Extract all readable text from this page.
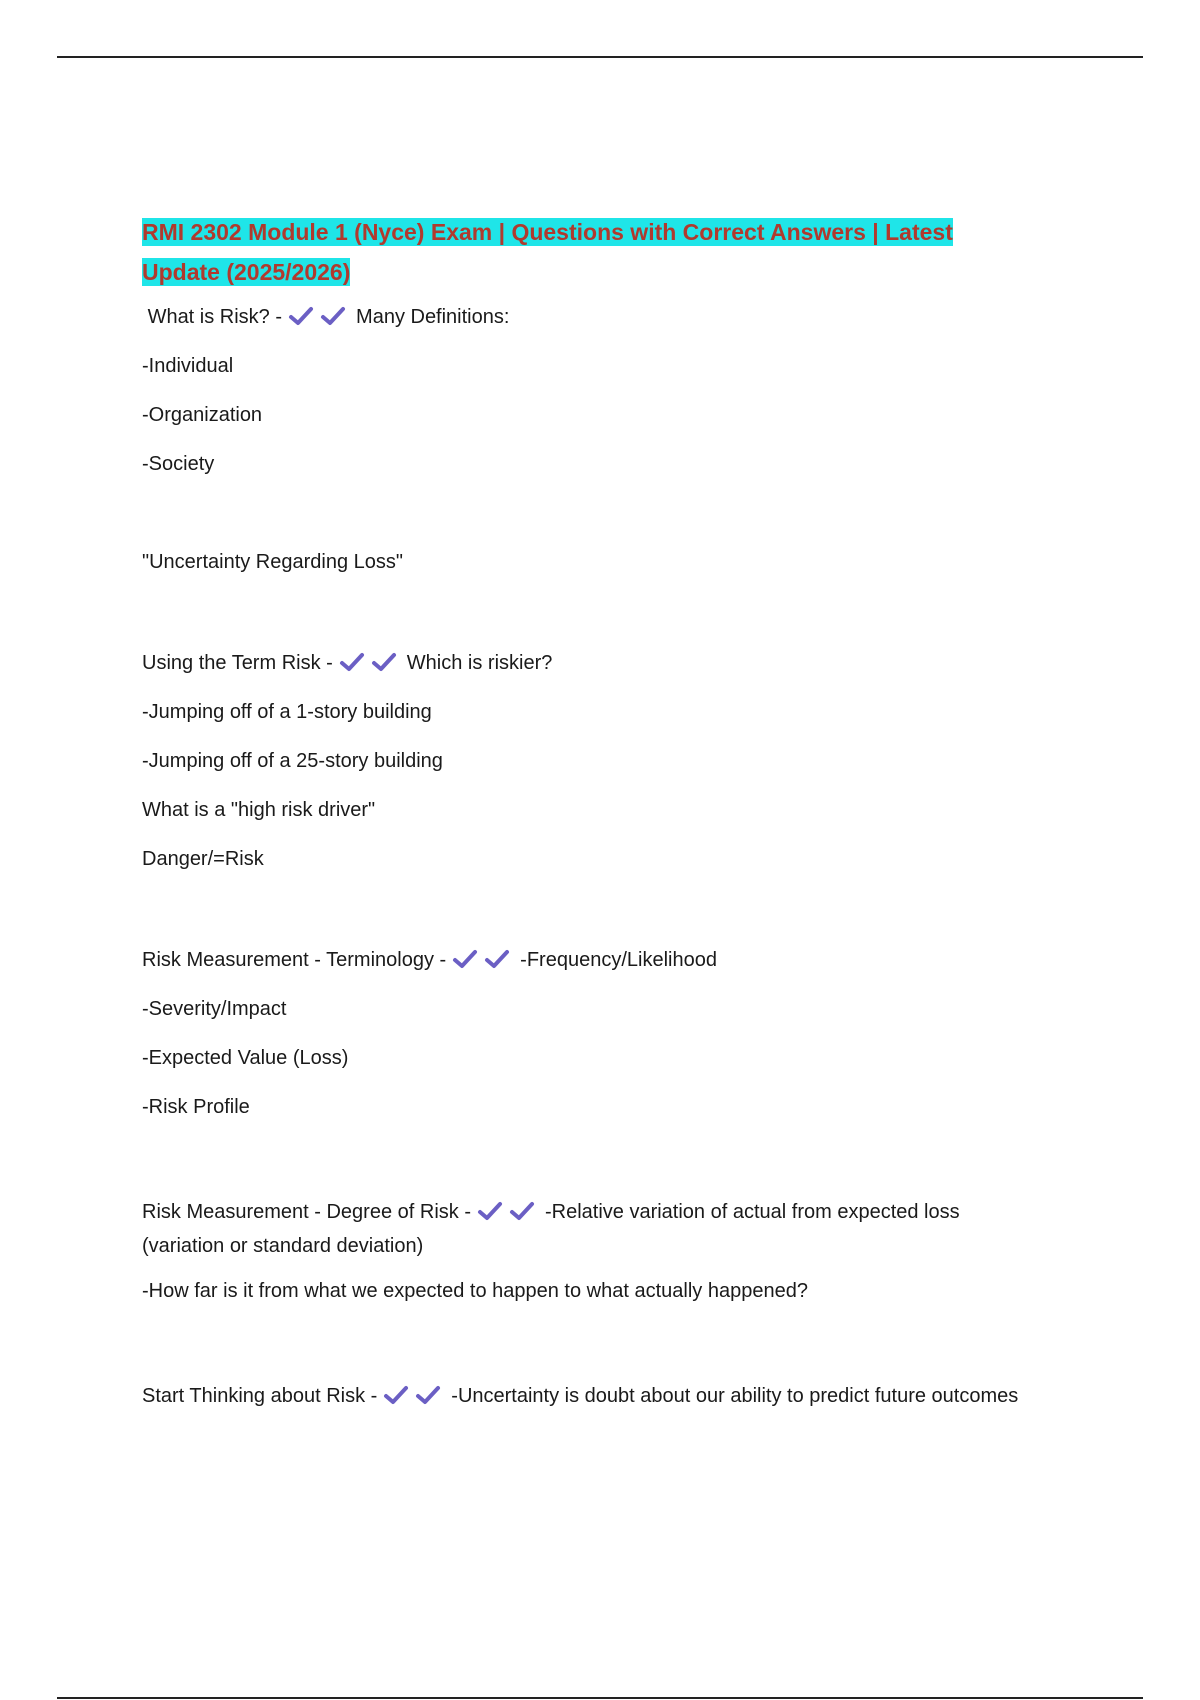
RMI 2302 Module 1 (Nyce) Exam | Questions with Correct Answers | Latest Update (2025/2026)
What is Risk? -	Many Definitions:
-Individual
-Organization
-Society
"Uncertainty Regarding Loss"
Using the Term Risk -	Which is riskier?
-Jumping off of a 1-story building
-Jumping off of a 25-story building
What is a "high risk driver"
Danger/=Risk
Risk Measurement - Terminology -	-Frequency/Likelihood
-Severity/Impact
-Expected Value (Loss)
-Risk Profile
Risk Measurement - Degree of Risk -	-Relative variation of actual from expected loss (variation or standard deviation)
-How far is it from what we expected to happen to what actually happened?
Start Thinking about Risk -	-Uncertainty is doubt about our ability to predict future outcomes
